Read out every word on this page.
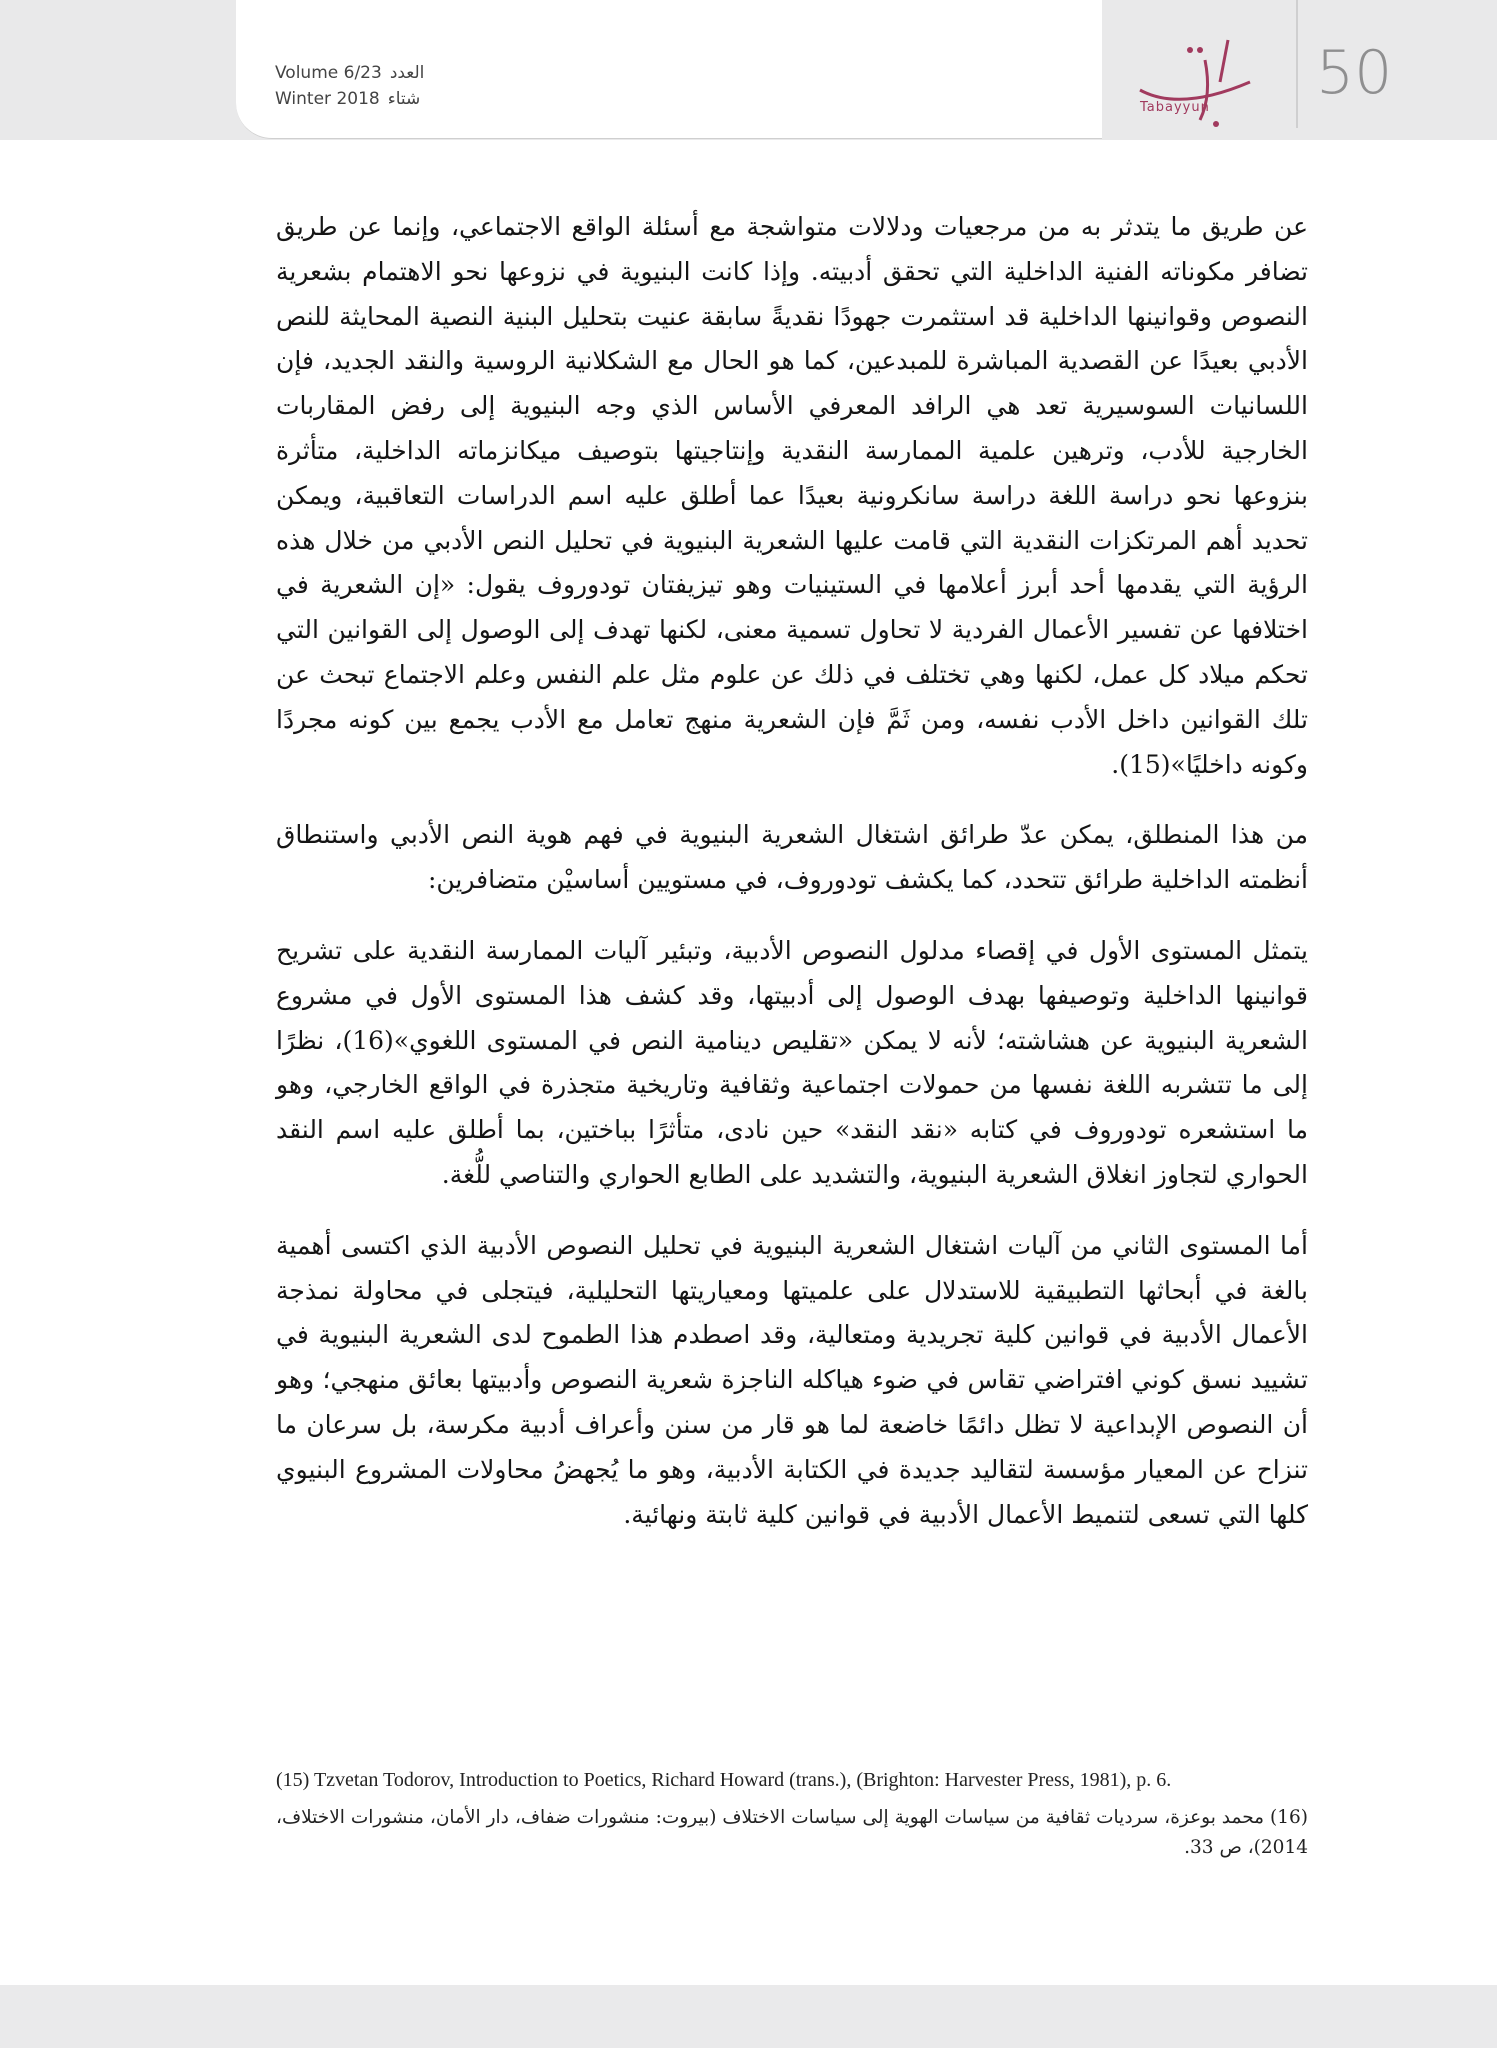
Volume 6/23 العدد
Winter 2018 شتاء
تبيّن
Tabayyun 50

عن طريق ما يتدثر به من مرجعيات ودلالات متواشجة مع أسئلة الواقع الاجتماعي، وإنما عن طريق تضافر مكوناته الفنية الداخلية التي تحقق أدبيته. وإذا كانت البنيوية في نزوعها نحو الاهتمام بشعرية النصوص وقوانينها الداخلية قد استثمرت جهودًا نقديةً سابقة عنيت بتحليل البنية النصية المحايثة للنص الأدبي بعيدًا عن القصدية المباشرة للمبدعين، كما هو الحال مع الشكلانية الروسية والنقد الجديد، فإن اللسانيات السوسيرية تعد هي الرافد المعرفي الأساس الذي وجه البنيوية إلى رفض المقاربات الخارجية للأدب، وترهين علمية الممارسة النقدية وإنتاجيتها بتوصيف ميكانزماته الداخلية، متأثرة بنزوعها نحو دراسة اللغة دراسة سانكرونية بعيدًا عما أطلق عليه اسم الدراسات التعاقبية، ويمكن تحديد أهم المرتكزات النقدية التي قامت عليها الشعرية البنيوية في تحليل النص الأدبي من خلال هذه الرؤية التي يقدمها أحد أبرز أعلامها في الستينيات وهو تيزيفتان تودوروف يقول: «إن الشعرية في اختلافها عن تفسير الأعمال الفردية لا تحاول تسمية معنى، لكنها تهدف إلى الوصول إلى القوانين التي تحكم ميلاد كل عمل، لكنها وهي تختلف في ذلك عن علوم مثل علم النفس وعلم الاجتماع تبحث عن تلك القوانين داخل الأدب نفسه، ومن ثَمَّ فإن الشعرية منهج تعامل مع الأدب يجمع بين كونه مجردًا وكونه داخليًا»(15).

من هذا المنطلق، يمكن عدّ طرائق اشتغال الشعرية البنيوية في فهم هوية النص الأدبي واستنطاق أنظمته الداخلية طرائق تتحدد، كما يكشف تودوروف، في مستويين أساسيْن متضافرين:

يتمثل المستوى الأول في إقصاء مدلول النصوص الأدبية، وتبئير آليات الممارسة النقدية على تشريح قوانينها الداخلية وتوصيفها بهدف الوصول إلى أدبيتها، وقد كشف هذا المستوى الأول في مشروع الشعرية البنيوية عن هشاشته؛ لأنه لا يمكن «تقليص دينامية النص في المستوى اللغوي»(16)، نظرًا إلى ما تتشربه اللغة نفسها من حمولات اجتماعية وثقافية وتاريخية متجذرة في الواقع الخارجي، وهو ما استشعره تودوروف في كتابه «نقد النقد» حين نادى، متأثرًا بباختين، بما أطلق عليه اسم النقد الحواري لتجاوز انغلاق الشعرية البنيوية، والتشديد على الطابع الحواري والتناصي للُّغة.

أما المستوى الثاني من آليات اشتغال الشعرية البنيوية في تحليل النصوص الأدبية الذي اكتسى أهمية بالغة في أبحاثها التطبيقية للاستدلال على علميتها ومعياريتها التحليلية، فيتجلى في محاولة نمذجة الأعمال الأدبية في قوانين كلية تجريدية ومتعالية، وقد اصطدم هذا الطموح لدى الشعرية البنيوية في تشييد نسق كوني افتراضي تقاس في ضوء هياكله الناجزة شعرية النصوص وأدبيتها بعائق منهجي؛ وهو أن النصوص الإبداعية لا تظل دائمًا خاضعة لما هو قار من سنن وأعراف أدبية مكرسة، بل سرعان ما تنزاح عن المعيار مؤسسة لتقاليد جديدة في الكتابة الأدبية، وهو ما يُجهضُ محاولات المشروع البنيوي كلها التي تسعى لتنميط الأعمال الأدبية في قوانين كلية ثابتة ونهائية.

(15) Tzvetan Todorov, Introduction to Poetics, Richard Howard (trans.), (Brighton: Harvester Press, 1981), p. 6.
(16) محمد بوعزة، سرديات ثقافية من سياسات الهوية إلى سياسات الاختلاف (بيروت: منشورات ضفاف، دار الأمان، منشورات الاختلاف، 2014)، ص 33.
